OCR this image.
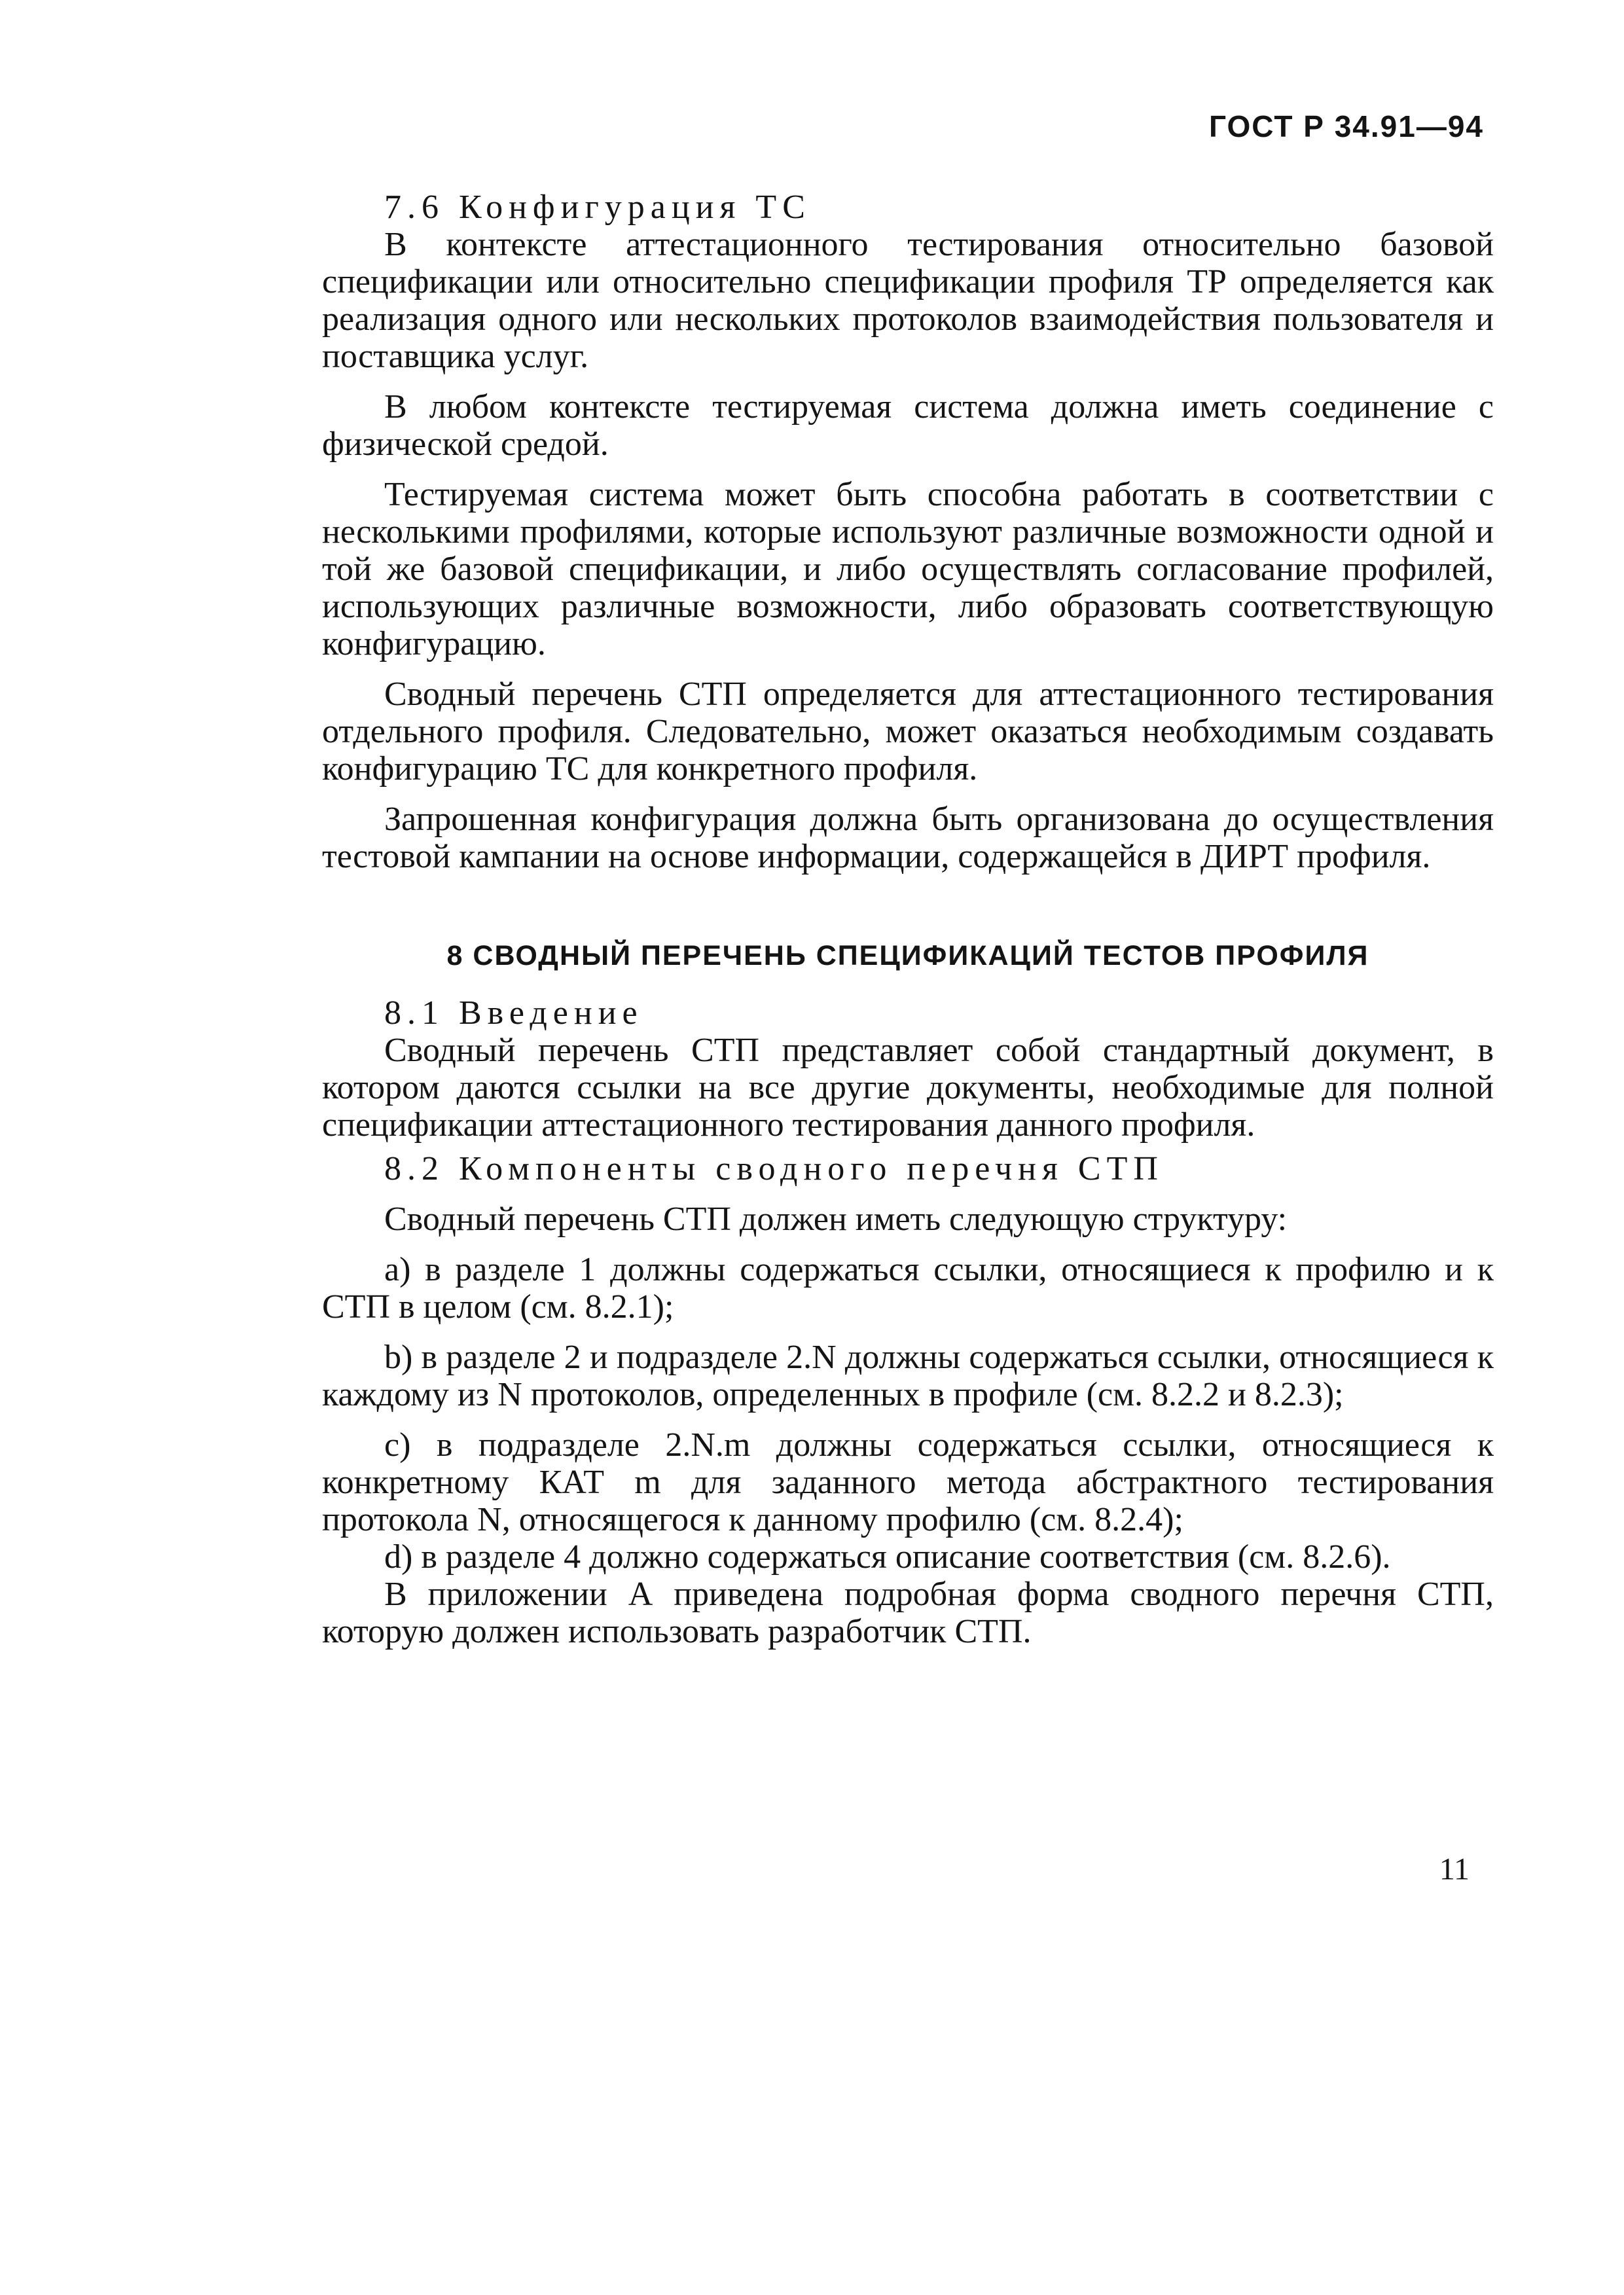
ГОСТ Р 34.91—94

7.6 Конфигурация ТС

В контексте аттестационного тестирования относительно базовой спецификации или относительно спецификации профиля ТР определяется как реализация одного или нескольких протоколов взаимодействия пользователя и поставщика услуг.

В любом контексте тестируемая система должна иметь соединение с физической средой.

Тестируемая система может быть способна работать в соответствии с несколькими профилями, которые используют различные возможности одной и той же базовой спецификации, и либо осуществлять согласование профилей, использующих различные возможности, либо образовать соответствующую конфигурацию.

Сводный перечень СТП определяется для аттестационного тестирования отдельного профиля. Следовательно, может оказаться необходимым создавать конфигурацию ТС для конкретного профиля.

Запрошенная конфигурация должна быть организована до осуществления тестовой кампании на основе информации, содержащейся в ДИРТ профиля.

8 СВОДНЫЙ ПЕРЕЧЕНЬ СПЕЦИФИКАЦИЙ ТЕСТОВ ПРОФИЛЯ

8.1 Введение

Сводный перечень СТП представляет собой стандартный документ, в котором даются ссылки на все другие документы, необходимые для полной спецификации аттестационного тестирования данного профиля.

8.2 Компоненты сводного перечня СТП

Сводный перечень СТП должен иметь следующую структуру:

а) в разделе 1 должны содержаться ссылки, относящиеся к профилю и к СТП в целом (см. 8.2.1);

b) в разделе 2 и подразделе 2.N должны содержаться ссылки, относящиеся к каждому из N протоколов, определенных в профиле (см. 8.2.2 и 8.2.3);

c) в подразделе 2.N.m должны содержаться ссылки, относящиеся к конкретному КАТ m для заданного метода абстрактного тестирования протокола N, относящегося к данному профилю (см. 8.2.4);

d) в разделе 4 должно содержаться описание соответствия (см. 8.2.6).

В приложении А приведена подробная форма сводного перечня СТП, которую должен использовать разработчик СТП.

11
